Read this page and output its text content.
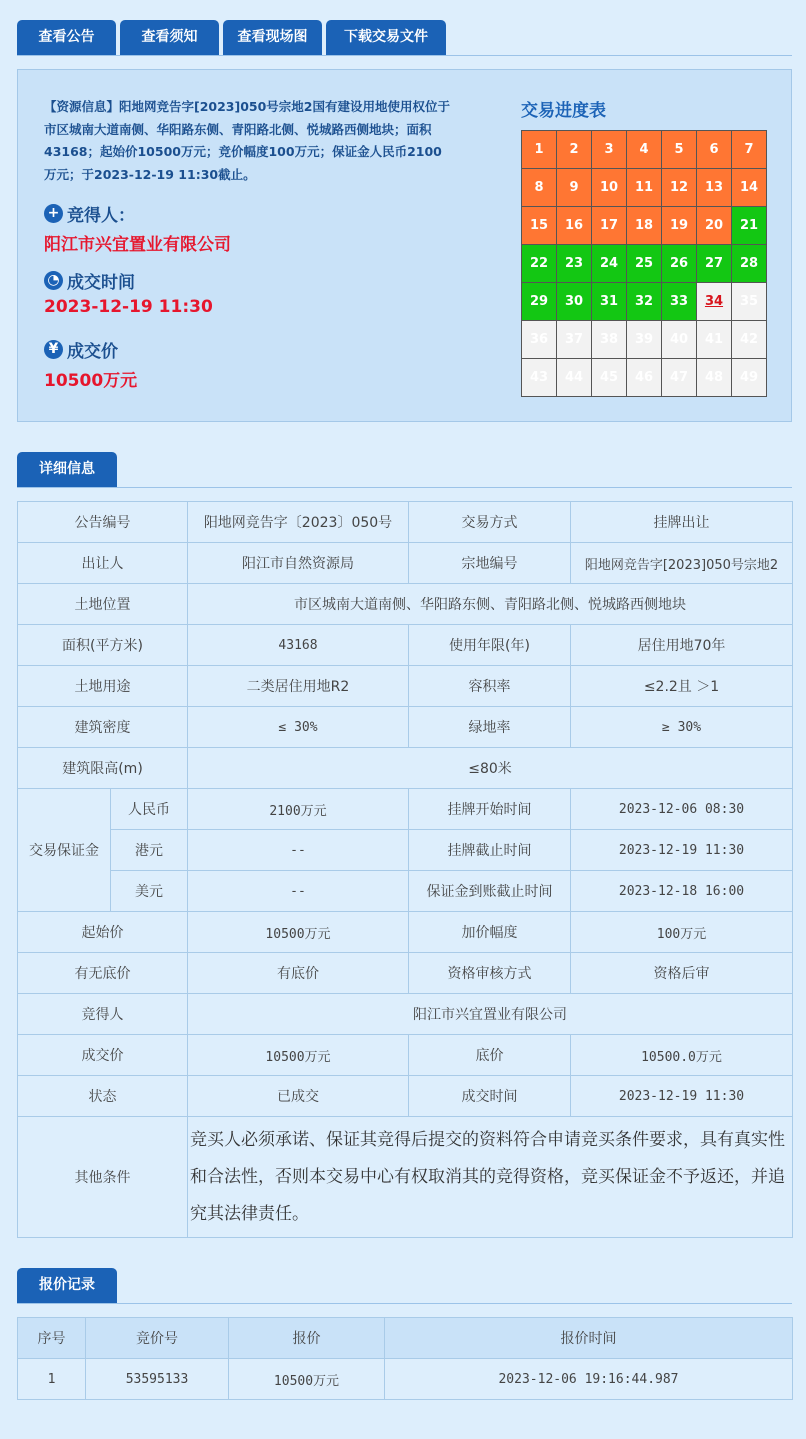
查看公告	查看须知	查看现场图	下载交易文件
【资源信息】阳地网竞告字[2023]050号宗地2国有建设用地使用权位于市区城南大道南侧、华阳路东侧、青阳路北侧、悦城路西侧地块；面积43168；起始价10500万元；竞价幅度100万元；保证金人民币2100万元；于2023-12-19 11:30截止。
+ 竞得人：
阳江市兴宜置业有限公司
◔ 成交时间
2023-12-19 11:30
¥ 成交价
10500万元
交易进度表
1	2	3	4	5	6	7
8	9	10	11	12	13	14
15	16	17	18	19	20	21
22	23	24	25	26	27	28
29	30	31	32	33	34	35
36	37	38	39	40	41	42
43	44	45	46	47	48	49
详细信息
公告编号		阳地网竞告字〔2023〕050号	交易方式	挂牌出让
出让人		阳江市自然资源局	宗地编号	阳地网竞告字[2023]050号宗地2
土地位置		市区城南大道南侧、华阳路东侧、青阳路北侧、悦城路西侧地块		
面积(平方米)		43168	使用年限(年)	居住用地70年
土地用途		二类居住用地R2	容积率	≤2.2且 ＞1
建筑密度		≤ 30%	绿地率	≥ 30%
建筑限高(m)		≤80米		
交易保证金	人民币	2100万元	挂牌开始时间	2023-12-06 08:30
	港元	--	挂牌截止时间	2023-12-19 11:30
	美元	--	保证金到账截止时间	2023-12-18 16:00
起始价		10500万元	加价幅度	100万元
有无底价		有底价	资格审核方式	资格后审
竞得人		阳江市兴宜置业有限公司		
成交价		10500万元	底价	10500.0万元
状态		已成交	成交时间	2023-12-19 11:30
其他条件		竞买人必须承诺、保证其竞得后提交的资料符合申请竞买条件要求，具有真实性和合法性，否则本交易中心有权取消其的竞得资格，竞买保证金不予返还，并追究其法律责任。		
报价记录
序号	竞价号	报价	报价时间
1	53595133	10500万元	2023-12-06 19:16:44.987
